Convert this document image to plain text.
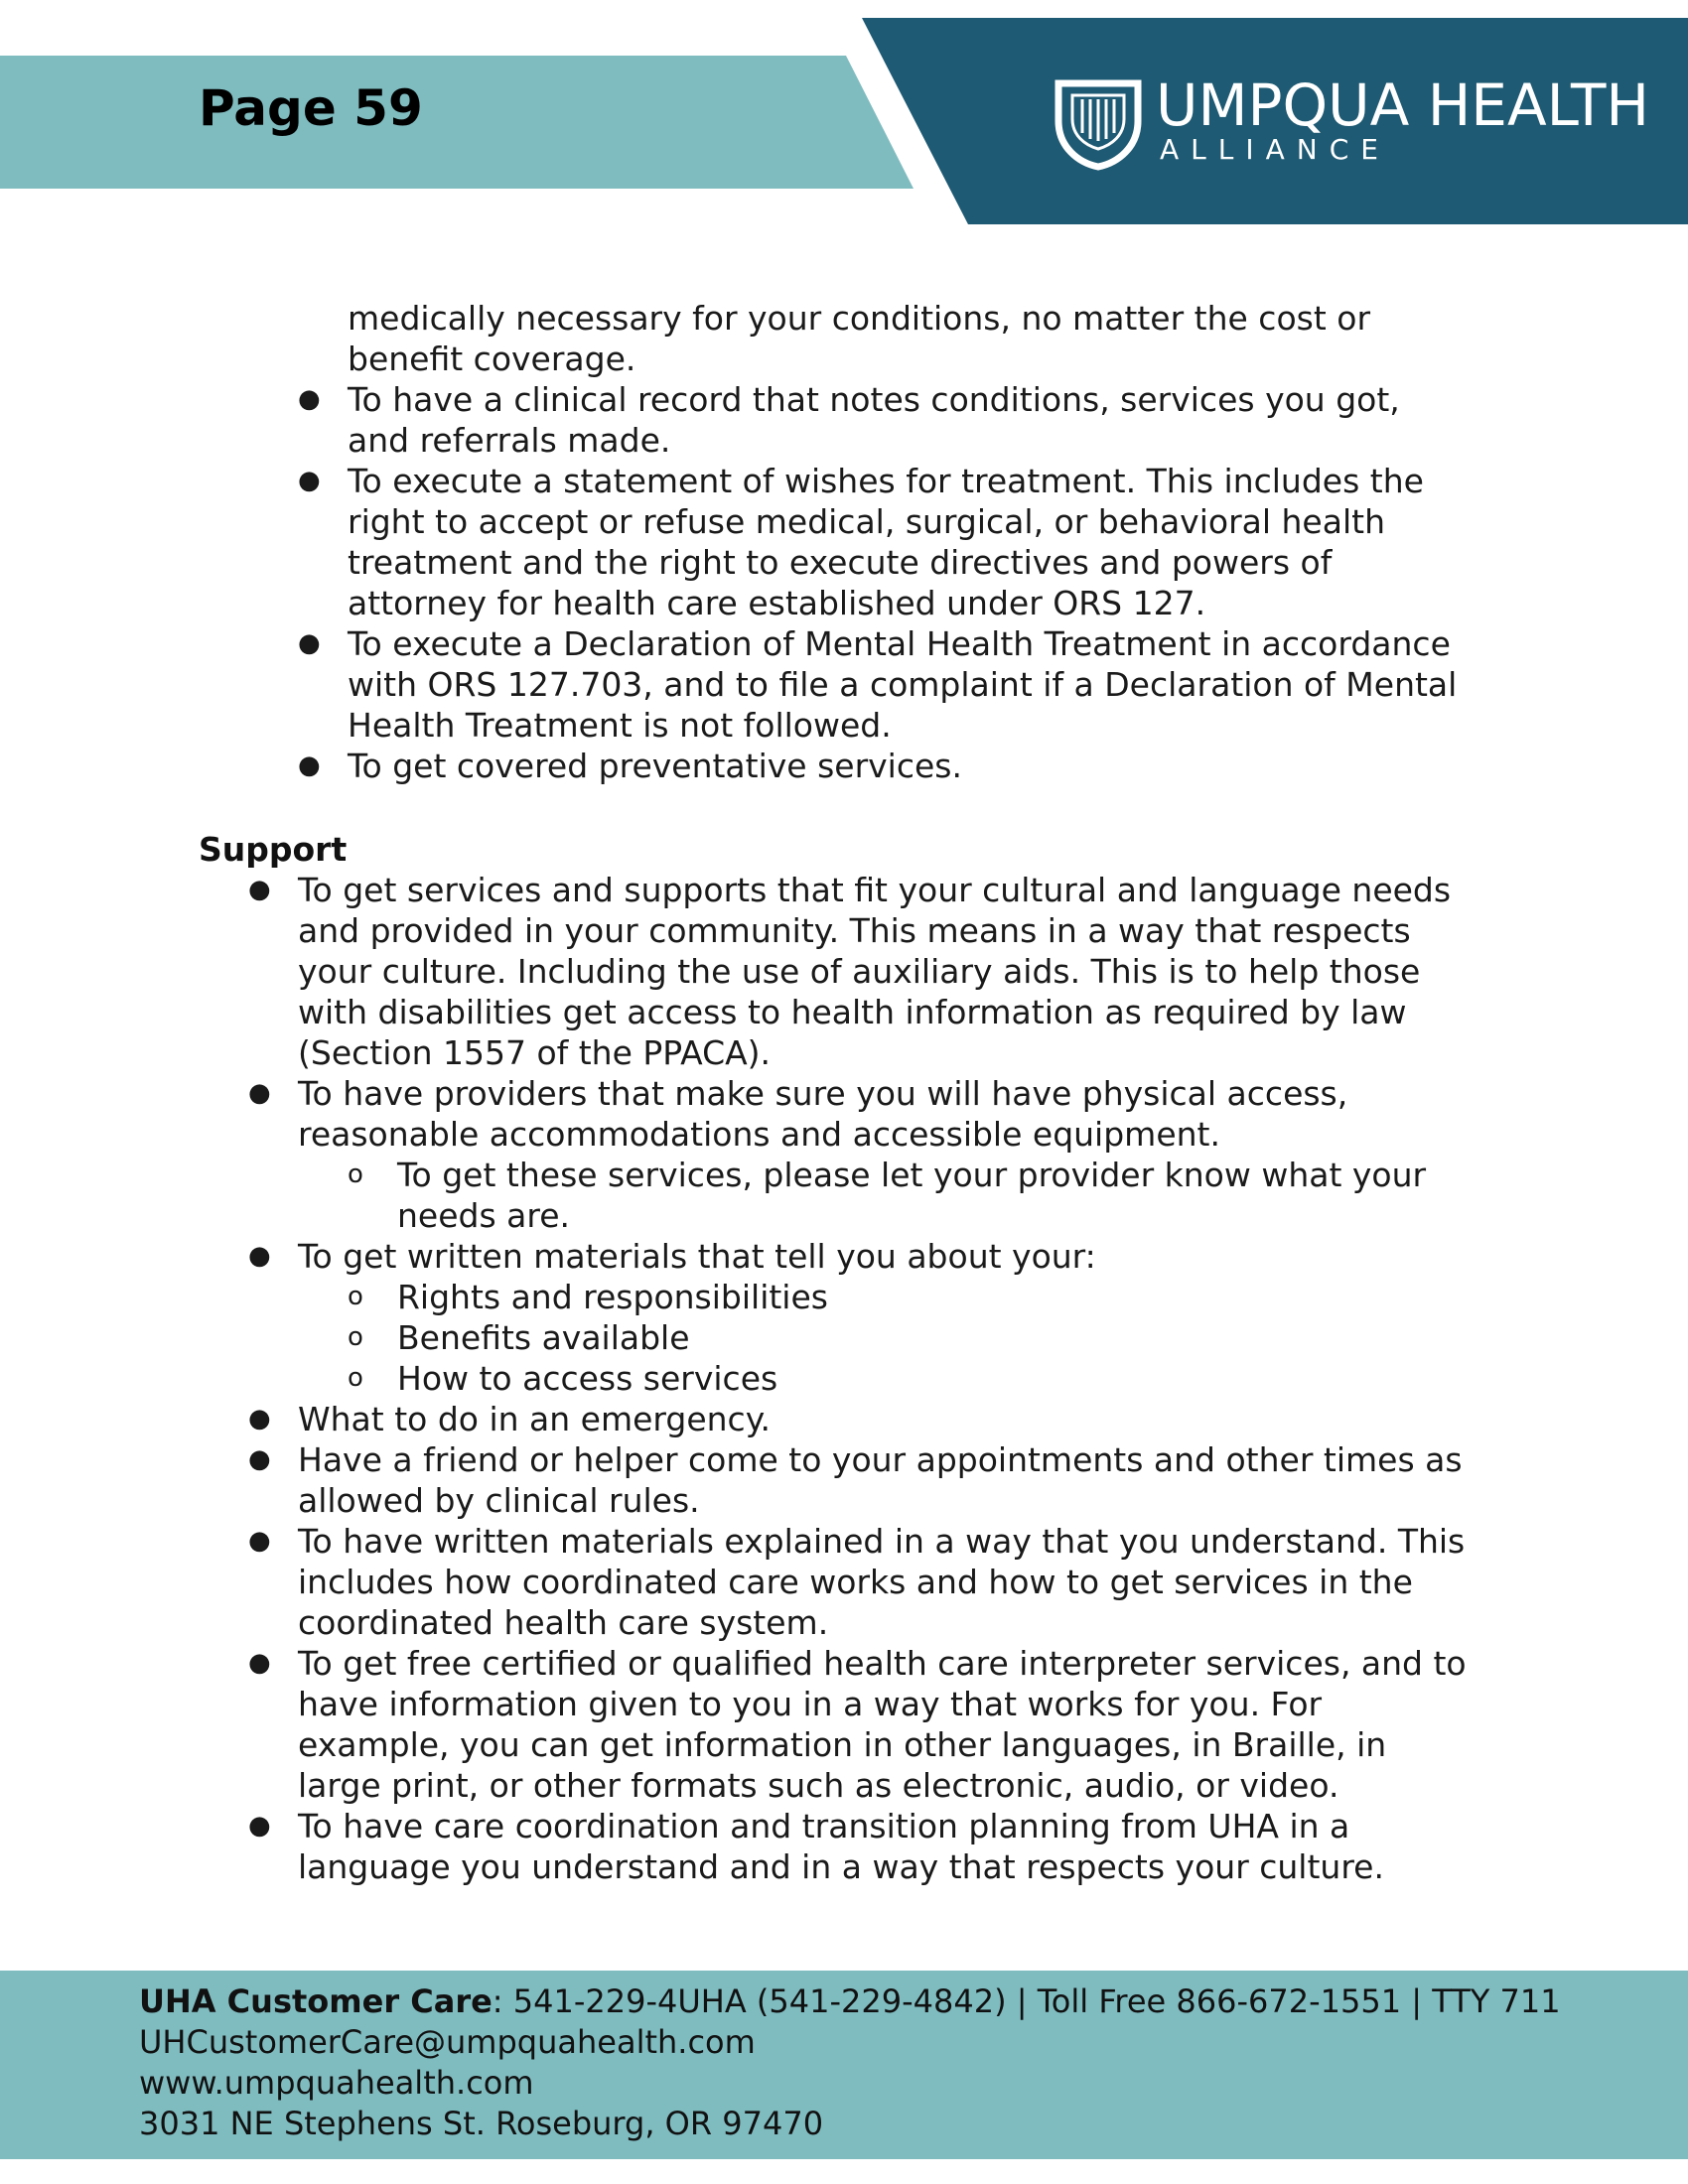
Page 59	UMPQUA HEALTH
ALLIANCE
medically necessary for your conditions, no matter the cost or benefit coverage.
● To have a clinical record that notes conditions, services you got, and referrals made.
● To execute a statement of wishes for treatment. This includes the right to accept or refuse medical, surgical, or behavioral health treatment and the right to execute directives and powers of attorney for health care established under ORS 127.
● To execute a Declaration of Mental Health Treatment in accordance with ORS 127.703, and to file a complaint if a Declaration of Mental Health Treatment is not followed.
● To get covered preventative services.
Support
● To get services and supports that fit your cultural and language needs and provided in your community. This means in a way that respects your culture. Including the use of auxiliary aids. This is to help those with disabilities get access to health information as required by law (Section 1557 of the PPACA).
● To have providers that make sure you will have physical access, reasonable accommodations and accessible equipment.
o To get these services, please let your provider know what your needs are.
● To get written materials that tell you about your:
o Rights and responsibilities
o Benefits available
o How to access services
● What to do in an emergency.
● Have a friend or helper come to your appointments and other times as allowed by clinical rules.
● To have written materials explained in a way that you understand. This includes how coordinated care works and how to get services in the coordinated health care system.
● To get free certified or qualified health care interpreter services, and to have information given to you in a way that works for you. For example, you can get information in other languages, in Braille, in large print, or other formats such as electronic, audio, or video.
● To have care coordination and transition planning from UHA in a language you understand and in a way that respects your culture.
UHA Customer Care: 541-229-4UHA (541-229-4842) | Toll Free 866-672-1551 | TTY 711
UHCustomerCare@umpquahealth.com
www.umpquahealth.com
3031 NE Stephens St. Roseburg, OR 97470
